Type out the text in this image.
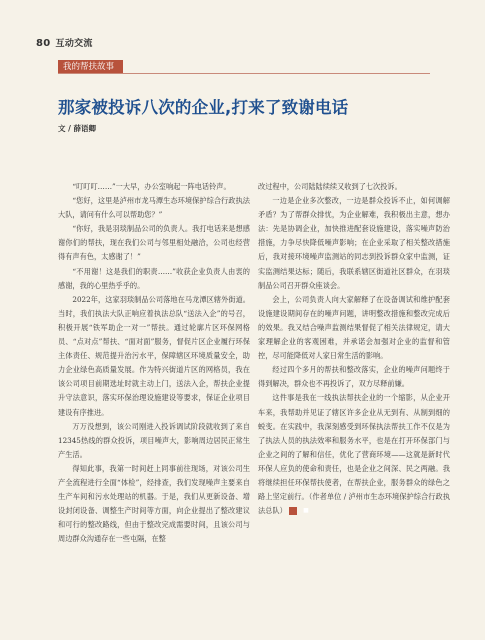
80 互动交流
我的帮扶故事
那家被投诉八次的企业,打来了致谢电话
文 / 薛语卿

“叮叮叮……”一大早，办公室响起一阵电话铃声。

“您好，这里是泸州市龙马潭生态环境保护综合行政执法大队，请问有什么可以帮助您？”

“你好，我是羽琰制品公司的负责人。我打电话来是想感谢你们的帮扶，现在我们公司与邻里相处融洽，公司也经营得有声有色，太感谢了！”

“不用谢！这是我们的职责……”收获企业负责人由衷的感谢，我的心里热乎乎的。

2022年，这家羽琰制品公司落地在马龙潭区辖外街道。当时，我们执法大队正响应着执法总队“送法入企”的号召，积极开展“铁军助企一对一”帮扶。通过轮廓片区环保网格员、“点对点”帮扶、“面对面”服务，督促片区企业履行环保主体责任、规范提升治污水平，保障辖区环境质量安全，助力企业绿色高质量发展。作为特兴街道片区的网格员，我在该公司项目前期选址时就主动上门，送法入企，帮扶企业提升守法意识，落实环保治理设施建设等要求，保证企业项目建设有序推进。

万万没想到，该公司刚进入投诉调试阶段就收到了来自12345热线的群众投诉，项目噪声大，影响周边居民正常生产生活。

得知此事，我第一时间赶上同事前往现场，对该公司生产全流程进行全面“体检”，经排查，我们发现噪声主要来自生产车间和污水处理站的机器。于是，我们从更新设备、增设封闭设备、调整生产时间等方面，向企业提出了整改建议和可行的整改路线，但由于整改完成需要时间，且该公司与周边群众沟通存在一些屯隔，在整

改过程中，公司陆陆续续又收到了七次投诉。

一边是企业多次整改，一边是群众投诉不止，如何调解矛盾？为了帮群众排忧，为企业解难，我积极出主意，想办法：先是协调企业，加快推进配套设施建设，落实噪声防治措施，力争尽快降低噪声影响；在企业采取了相关整改措施后，我对接环境噪声监测站的同志到投诉群众家中监测，证实监测结果达标；随后，我联系辖区街道社区群众，在羽琰制品公司召开群众座谈会。

会上，公司负责人向大家解释了在设备调试和维护配套设施建设期间存在的噪声问题，讲明整改措施和整改完成后的效果。我又结合噪声监测结果督促了相关法律规定，请大家理解企业的客观困难，并承诺会加强对企业的监督和管控，尽可能降低对人家日常生活的影响。

经过四个多月的帮扶和整改落实，企业的噪声问题终于得到解决，群众也不再投诉了，双方尽释前嫌。

这件事是我在一线执法帮扶企业的一个缩影，从企业开车来，我帮助并见证了辖区许多企业从无到有、从制到细的蜕变。在实践中，我深刻感受到环保执法帮扶工作不仅是为了执法人员的执法效率和服务水平，也是在打开环保部门与企业之间的了解和信任，优化了营商环境——这就是新时代环保人应负的使命和责任，也是企业之间深、民之两融。我将继续担任环保帮扶使者，在帮扶企业，服务群众的绿色之路上坚定前行。（作者单位 / 泸州市生态环境保护综合行政执法总队）	■
